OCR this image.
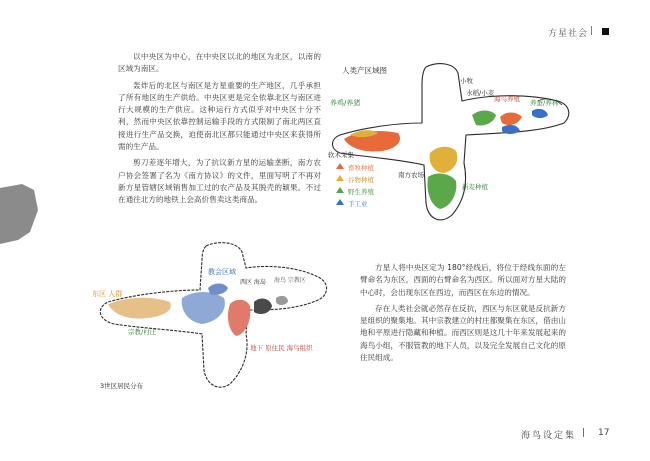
方星社会 |

以中央区为中心，在中央区以北的地区为北区，以南的区域为南区。

轰炸后的北区与南区是方星重要的生产地区，几乎承担了所有地区的生产供给。中央区更是完全依靠北区与南区进行大规模的生产供应。这种运行方式似乎对中央区十分不利，然而中央区依靠控制运输手段的方式限制了南北两区直接进行生产品交换，迫使南北区都只能通过中央区来获得所需的生产品。

剪刀差逐年增大，为了抗议新方星的运输垄断，南方农户协会签署了名为《南方协议》的文件，里面写明了不再对新方星管辖区域销售加工过的农产品及其脱壳的颖果。不过在通往北方的地铁上会高价售卖这类商品。

人类产区域图
养鸡/养猪
水稻/小麦
海鸟养殖 养蚕/养林
软木采集
南方农场
新麦种植
小牧
畜牧种植
谷物种植
野生养殖
手工业
教会区域
西区 海岛 海鸟 宗教区
东区 人群
宗教/村庄
地下 原住民 海鸟组织
3世区居民分布

方星人将中央区定为 180°经线后，将位于经线东面的左臂命名为东区，西面的右臂命名为西区。所以面对方星大陆的中心时，会出现东区在西边，而西区在东边的情况。

存在人类社会就必然存在反抗，西区与东区就是反抗新方星组织的聚集地。其中宗教建立的村庄都聚集在东区，借由山地和平原进行隐藏和种植。而西区则是这几十年来发展起来的海鸟小组，不服管教的地下人员，以及完全发展自己文化的原住民组成。

海鸟设定集 | 17
